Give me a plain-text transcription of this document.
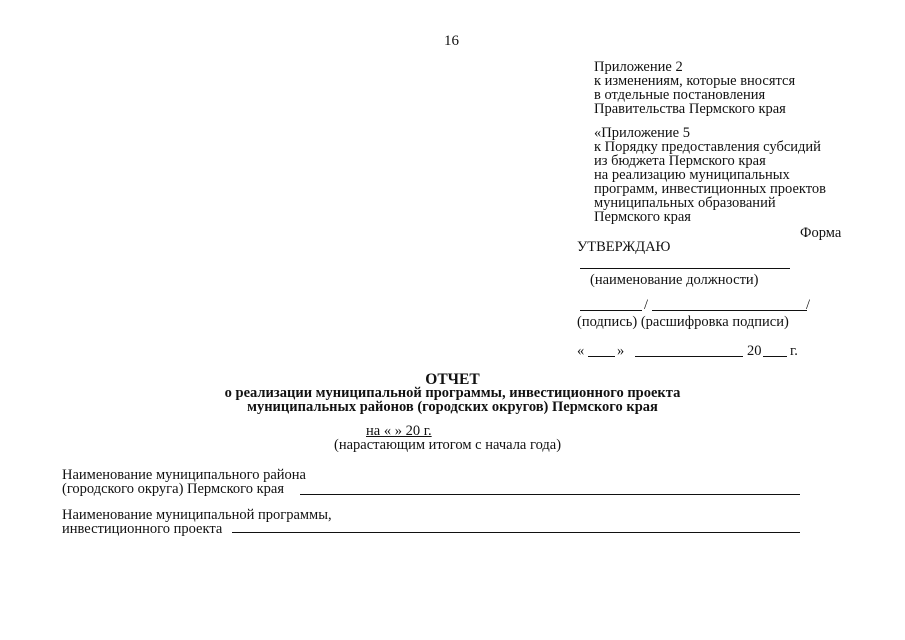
16
Приложение 2
к изменениям, которые вносятся
в отдельные постановления
Правительства Пермского края
«Приложение 5
к Порядку предоставления субсидий
из бюджета Пермского края
на реализацию муниципальных
программ, инвестиционных проектов
муниципальных образований
Пермского края
Форма
УТВЕРЖДАЮ
(наименование должности)
/	/
(подпись) (расшифровка подписи)
« »	20 г.
ОТЧЕТ
о реализации муниципальной программы, инвестиционного проекта
муниципальных районов (городских округов) Пермского края
на « » 20 г.
(нарастающим итогом с начала года)
Наименование муниципального района
(городского округа) Пермского края
Наименование муниципальной программы,
инвестиционного проекта
